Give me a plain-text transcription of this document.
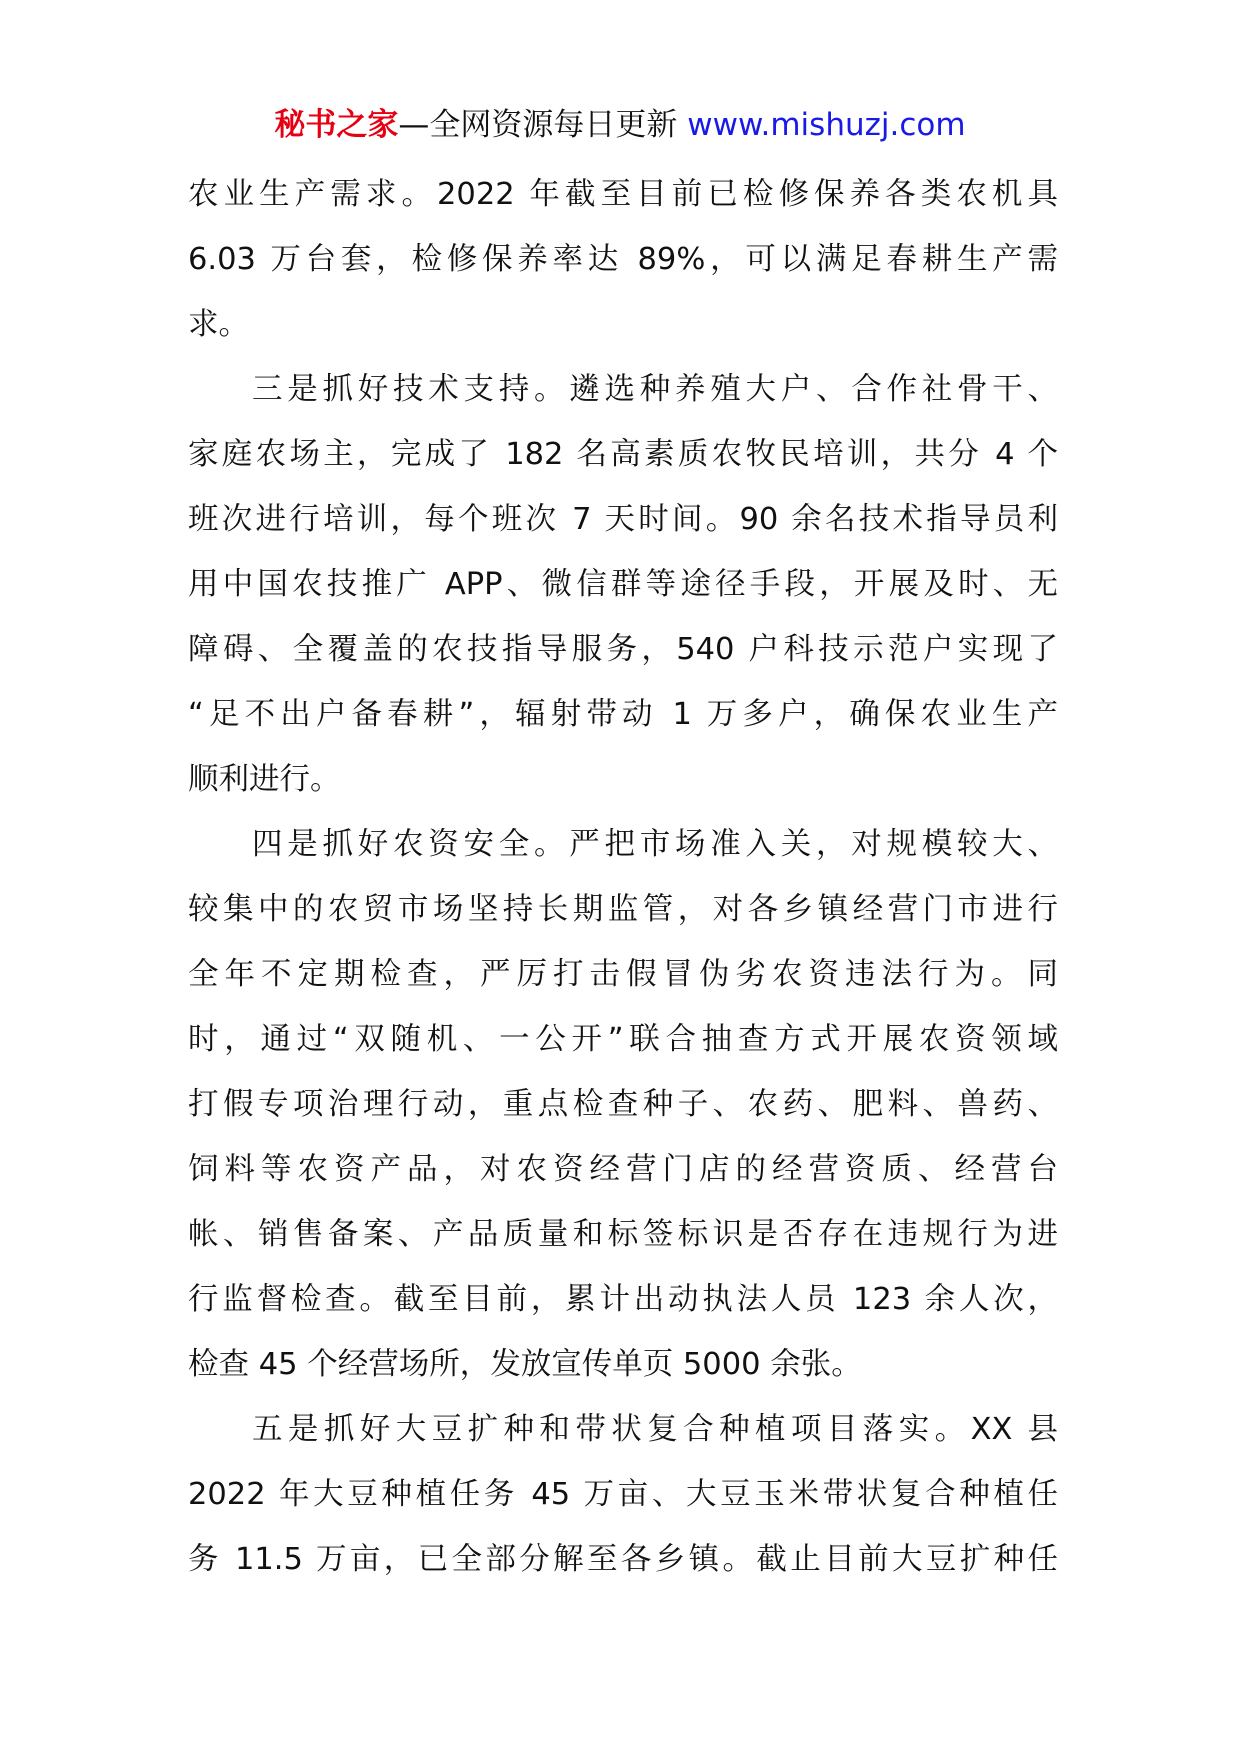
秘书之家—全网资源每日更新 www.mishuzj.com
农业生产需求。2022 年截至目前已检修保养各类农机具
6.03 万台套，检修保养率达 89%，可以满足春耕生产需
求。
三是抓好技术支持。遴选种养殖大户、合作社骨干、
家庭农场主，完成了 182 名高素质农牧民培训，共分 4 个
班次进行培训，每个班次 7 天时间。90 余名技术指导员利
用中国农技推广 APP、微信群等途径手段，开展及时、无
障碍、全覆盖的农技指导服务，540 户科技示范户实现了
“足不出户备春耕”，辐射带动 1 万多户，确保农业生产
顺利进行。
四是抓好农资安全。严把市场准入关，对规模较大、
较集中的农贸市场坚持长期监管，对各乡镇经营门市进行
全年不定期检查，严厉打击假冒伪劣农资违法行为。同
时，通过“双随机、一公开”联合抽查方式开展农资领域
打假专项治理行动，重点检查种子、农药、肥料、兽药、
饲料等农资产品，对农资经营门店的经营资质、经营台
帐、销售备案、产品质量和标签标识是否存在违规行为进
行监督检查。截至目前，累计出动执法人员 123 余人次，
检查 45 个经营场所，发放宣传单页 5000 余张。
五是抓好大豆扩种和带状复合种植项目落实。XX 县
2022 年大豆种植任务 45 万亩、大豆玉米带状复合种植任
务 11.5 万亩，已全部分解至各乡镇。截止目前大豆扩种任
